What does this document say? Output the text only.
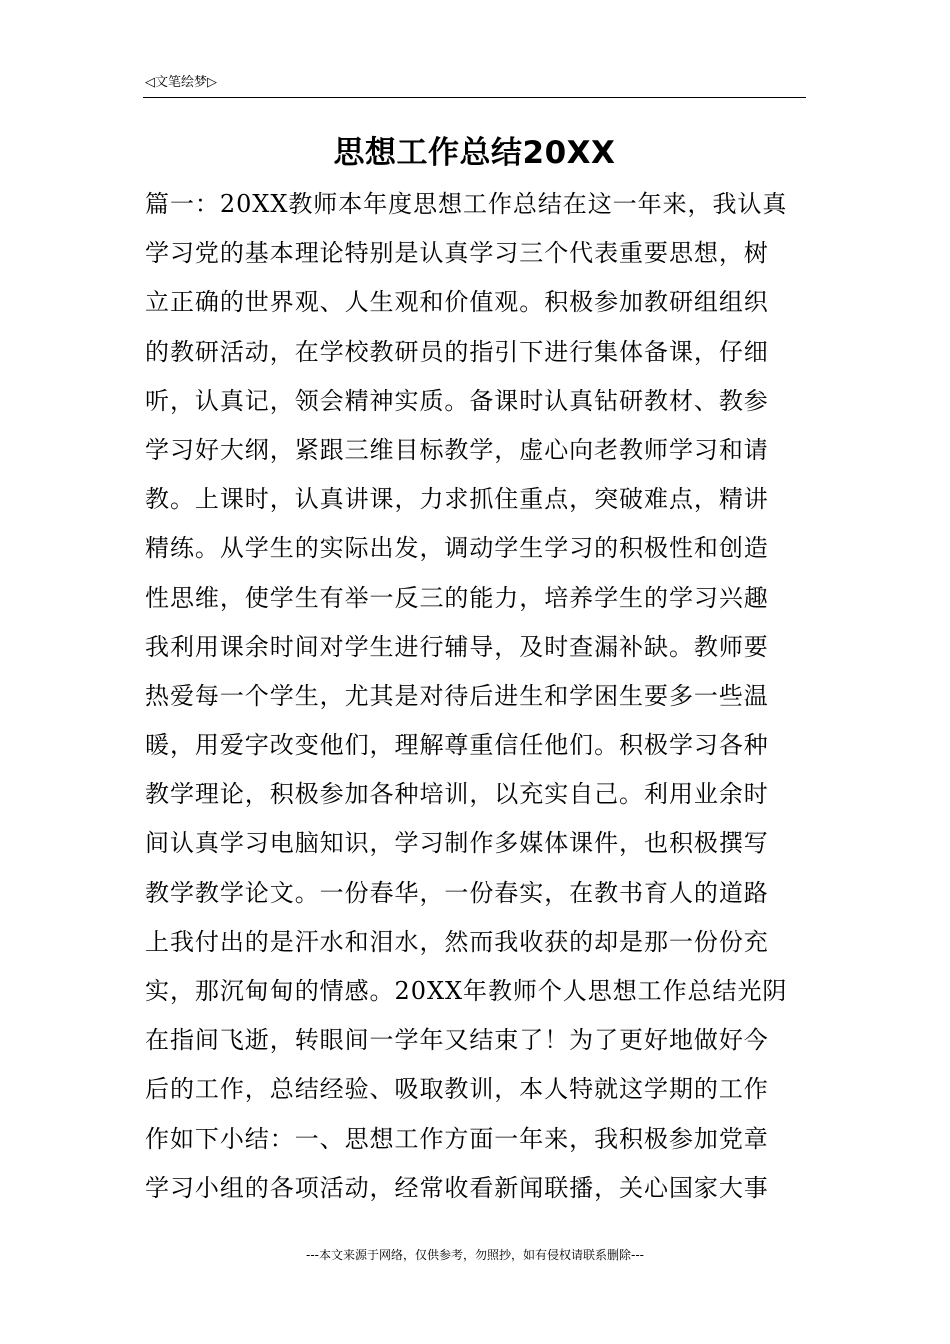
◁文笔绘梦▷
思想工作总结20XX
篇一：20XX教师本年度思想工作总结在这一年来，我认真
学习党的基本理论特别是认真学习三个代表重要思想，树
立正确的世界观、人生观和价值观。积极参加教研组组织
的教研活动，在学校教研员的指引下进行集体备课，仔细
听，认真记，领会精神实质。备课时认真钻研教材、教参
学习好大纲，紧跟三维目标教学，虚心向老教师学习和请
教。上课时，认真讲课，力求抓住重点，突破难点，精讲
精练。从学生的实际出发，调动学生学习的积极性和创造
性思维，使学生有举一反三的能力，培养学生的学习兴趣
我利用课余时间对学生进行辅导，及时查漏补缺。教师要
热爱每一个学生，尤其是对待后进生和学困生要多一些温
暖，用爱字改变他们，理解尊重信任他们。积极学习各种
教学理论，积极参加各种培训，以充实自己。利用业余时
间认真学习电脑知识，学习制作多媒体课件，也积极撰写
教学教学论文。一份春华，一份春实，在教书育人的道路
上我付出的是汗水和泪水，然而我收获的却是那一份份充
实，那沉甸甸的情感。20XX年教师个人思想工作总结光阴
在指间飞逝，转眼间一学年又结束了！为了更好地做好今
后的工作，总结经验、吸取教训，本人特就这学期的工作
作如下小结：一、思想工作方面一年来，我积极参加党章
学习小组的各项活动，经常收看新闻联播，关心国家大事
---本文来源于网络，仅供参考，勿照抄，如有侵权请联系删除---
